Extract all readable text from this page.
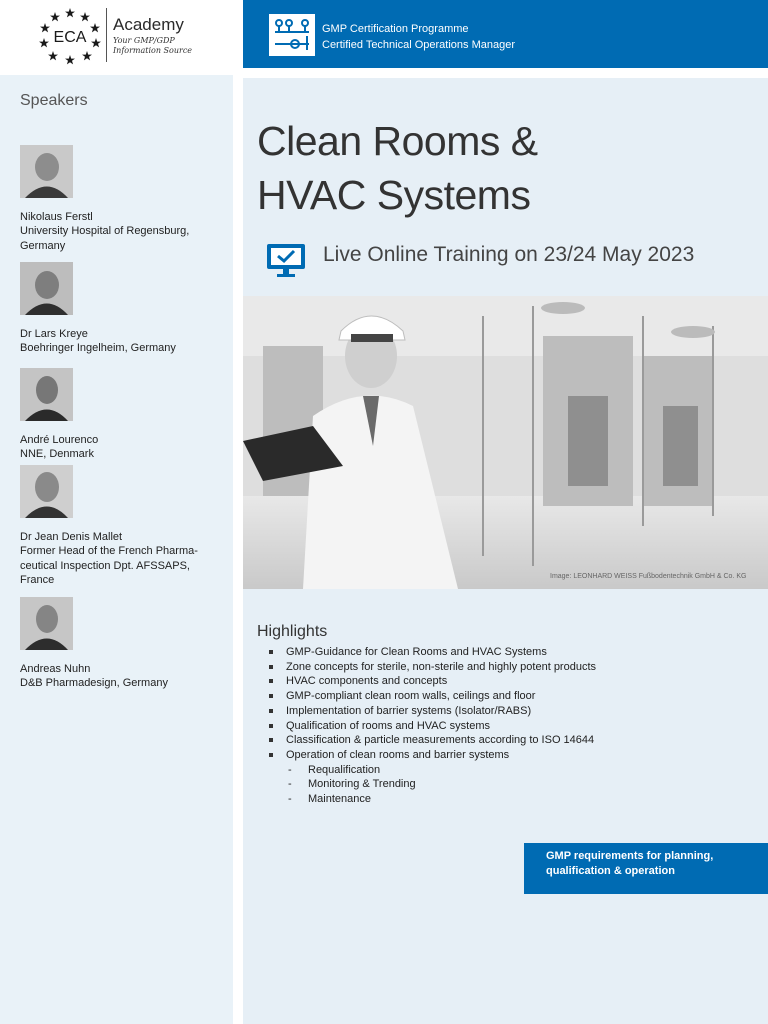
ECA
Academy
Your GMP/GDP
Information Source
GMP Certification Programme
Certified Technical Operations Manager
Speakers
Nikolaus Ferstl
University Hospital of Regensburg,
Germany
Dr Lars Kreye
Boehringer Ingelheim, Germany
André Lourenco
NNE, Denmark
Dr Jean Denis Mallet
Former Head of the French Pharma-
ceutical Inspection Dpt. AFSSAPS,
France
Andreas Nuhn
D&B Pharmadesign, Germany
Clean Rooms &
HVAC Systems
Live Online Training on 23/24 May 2023
Image: LEONHARD WEISS Fußbodentechnik GmbH & Co. KG
Highlights
GMP-Guidance for Clean Rooms and HVAC Systems
Zone concepts for sterile, non-sterile and highly potent products
HVAC components and concepts
GMP-compliant clean room walls, ceilings and floor
Implementation of barrier systems (Isolator/RABS)
Qualification of rooms and HVAC systems
Classification & particle measurements according to ISO 14644
Operation of clean rooms and barrier systems
- Requalification
- Monitoring & Trending
- Maintenance
GMP requirements for planning,
qualification & operation
